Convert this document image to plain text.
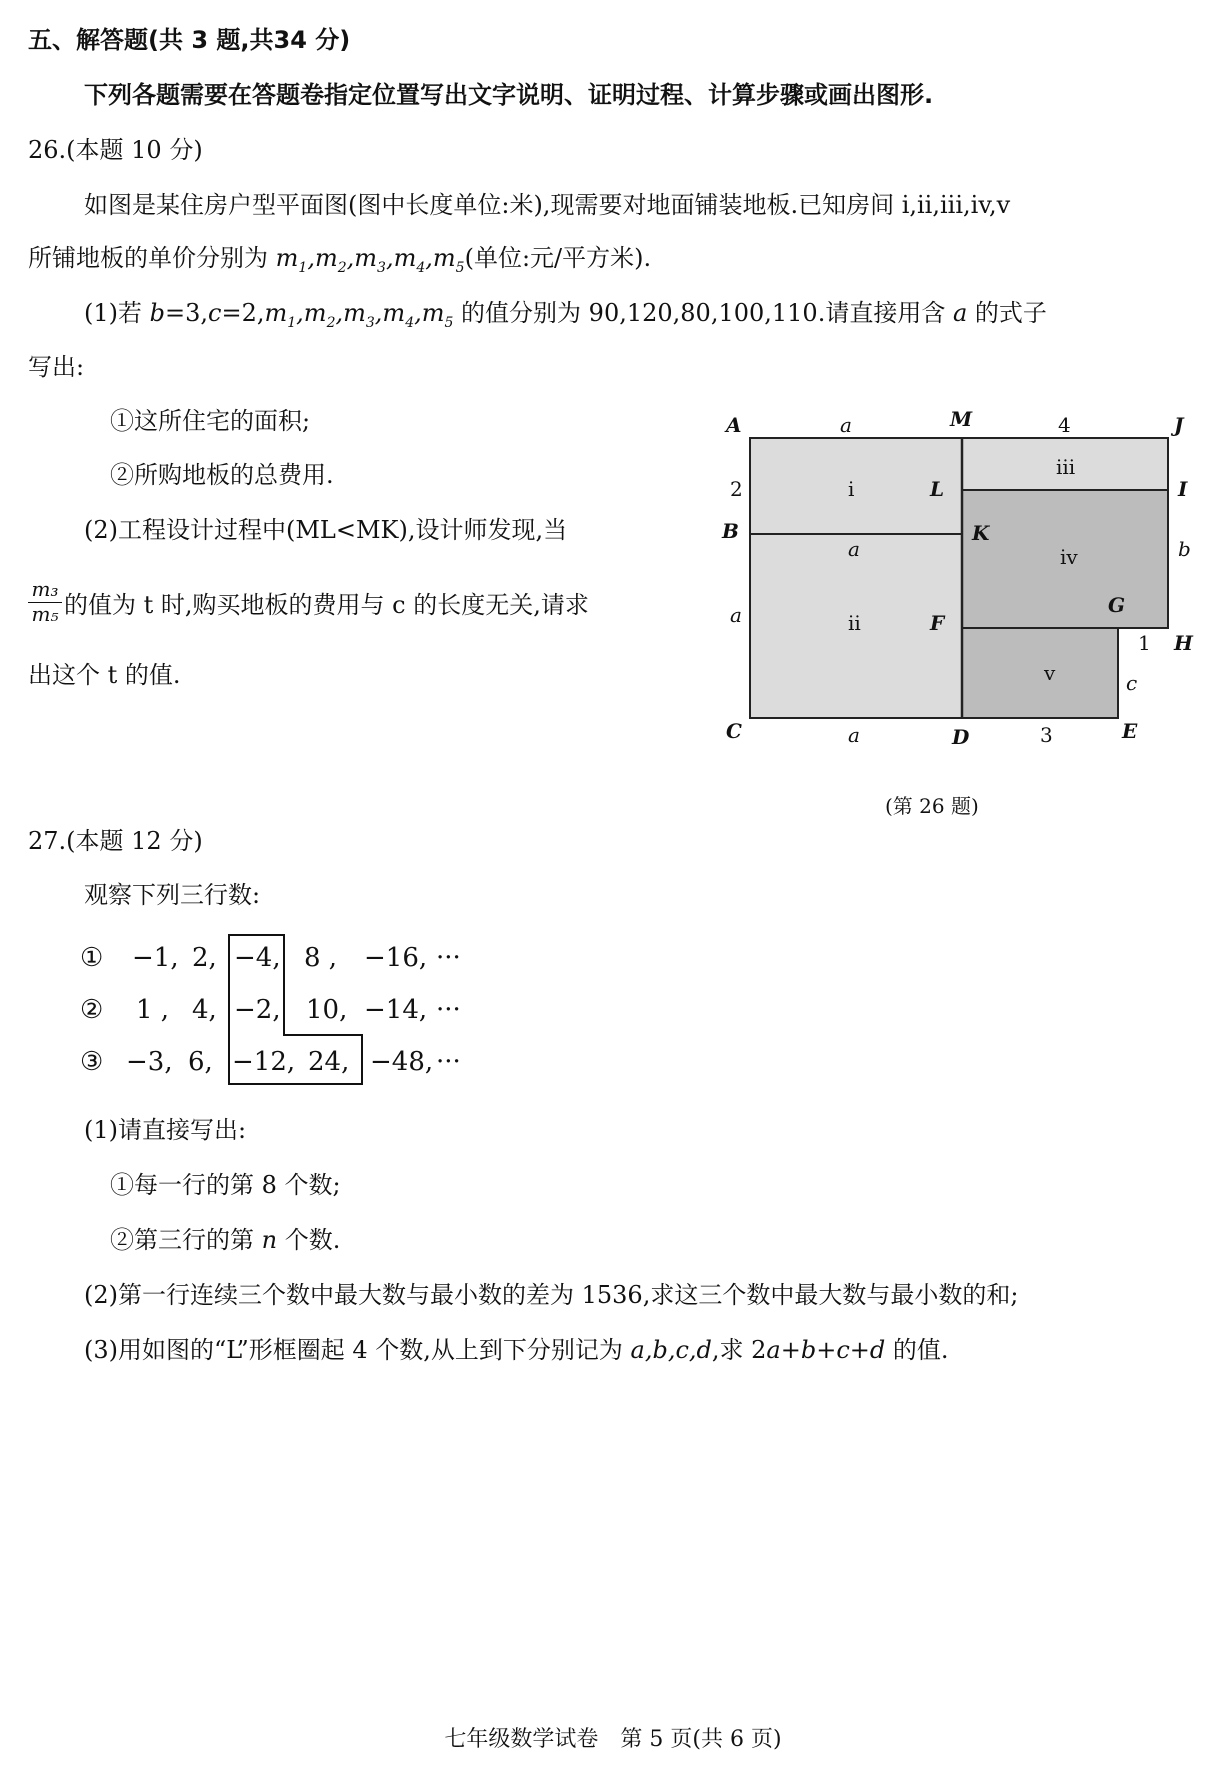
五、解答题(共 3 题,共34 分)
下列各题需要在答题卷指定位置写出文字说明、证明过程、计算步骤或画出图形.
26.(本题 10 分)
如图是某住房户型平面图(图中长度单位:米),现需要对地面铺装地板.已知房间 i,ii,iii,iv,v
所铺地板的单价分别为 $m_1,m_2,m_3,m_4,m_5$(单位:元/平方米).
(1)若 $b=3,c=2,m_1,m_2,m_3,m_4,m_5$ 的值分别为 90,120,80,100,110.请直接用含 a 的式子
写出:
①这所住宅的面积;
②所购地板的总费用.
(2)工程设计过程中(ML<MK),设计师发现,当
$\frac{\text{m₃}}{\text{m₅}}$ 的值为 t 时,购买地板的费用与 c 的长度无关,请求
出这个 t 的值.
A	M	J
I
B	K
L
G
H
F
C	D	E
a	4
2
a
a
a	3
b
1
c
i
ii
iii
iv
v
(第 26 题)
27.(本题 12 分)
观察下列三行数:
① −1, 2, −4, 8 , −16, ···
② 1 , 4, −2, 10, −14, ···
③ −3, 6, −12, 24, −48, ···
(1)请直接写出:
①每一行的第 8 个数;
②第三行的第 n 个数.
(2)第一行连续三个数中最大数与最小数的差为 1536,求这三个数中最大数与最小数的和;
(3)用如图的“L”形框圈起 4 个数,从上到下分别记为 a,b,c,d,求 2a+b+c+d 的值.
七年级数学试卷　第 5 页(共 6 页)
